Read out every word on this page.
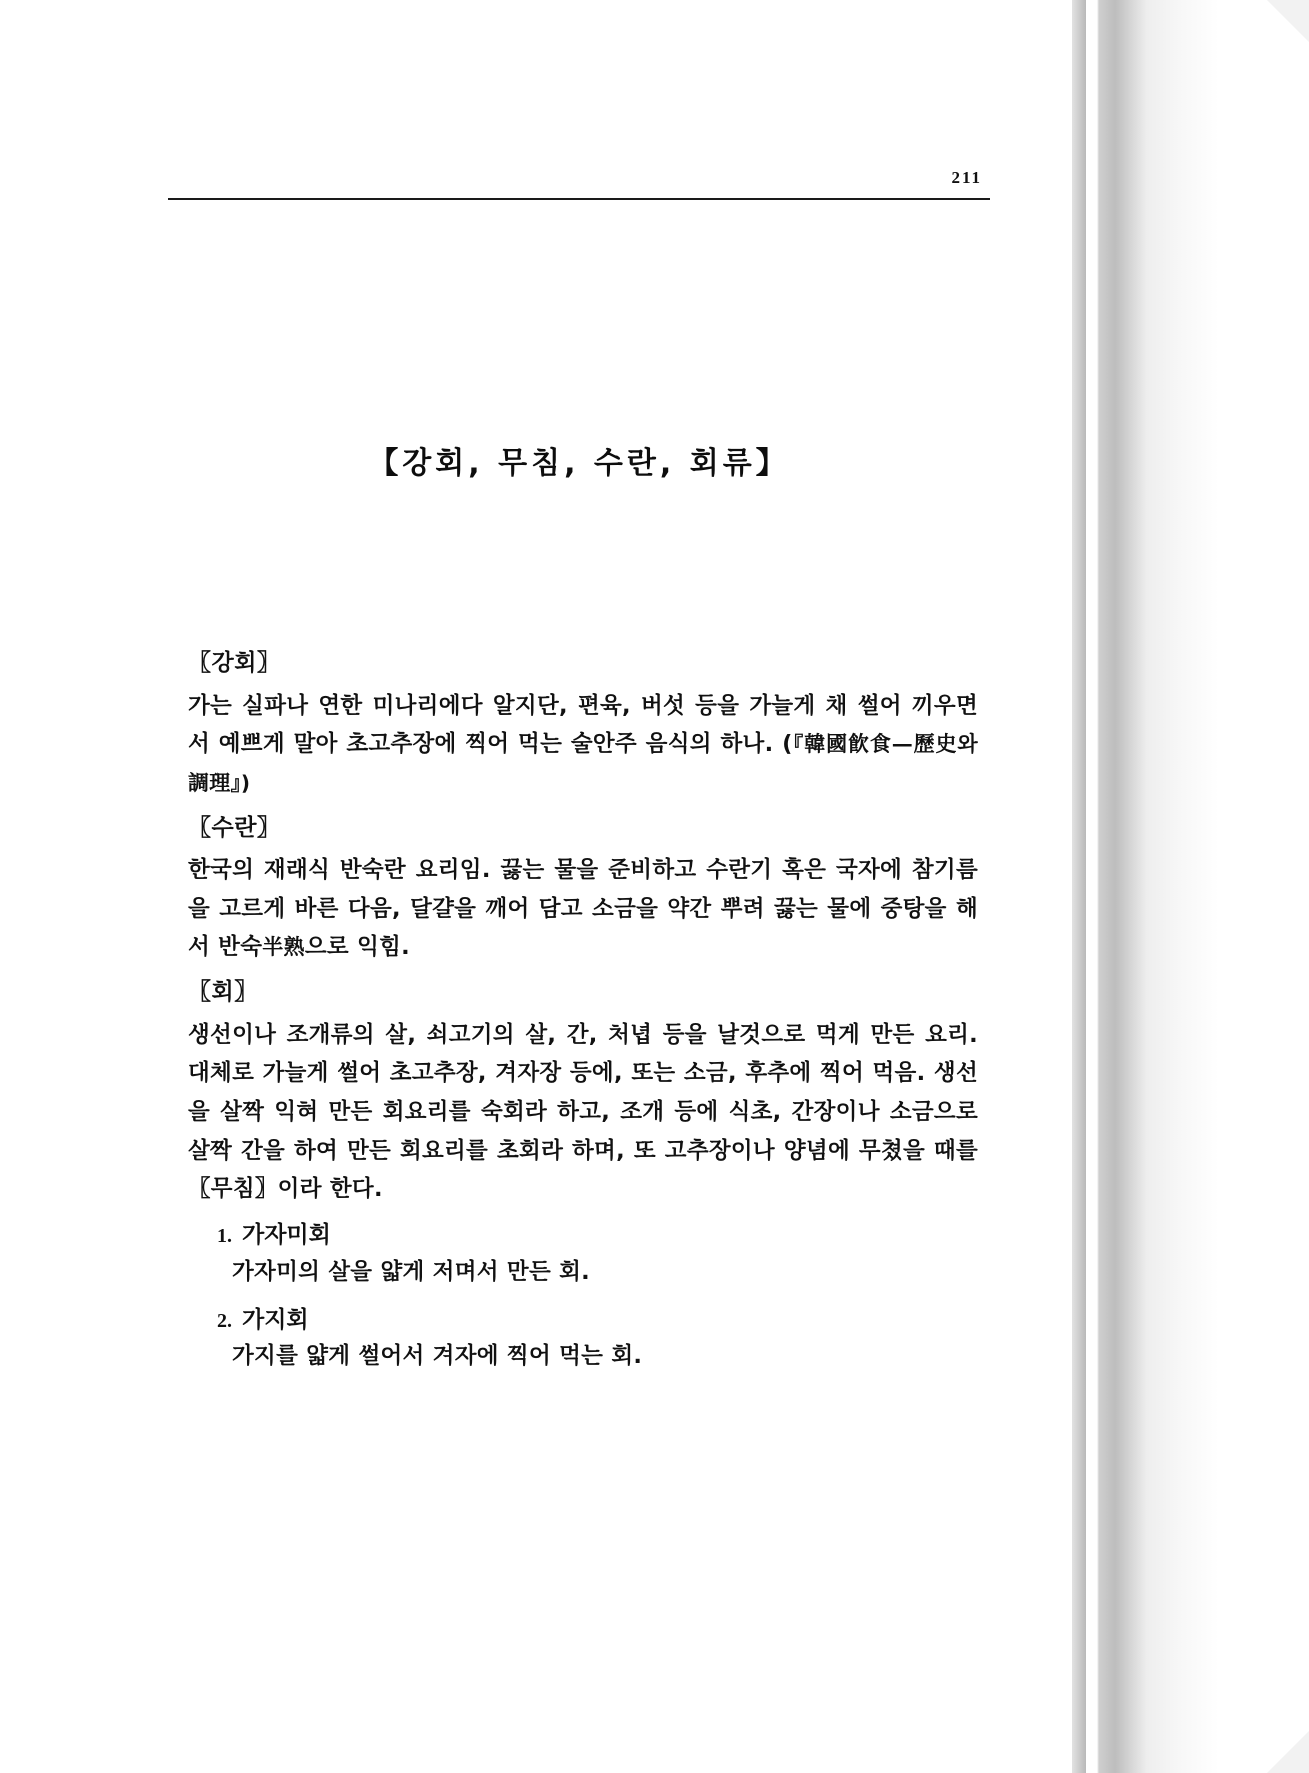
211
【강회, 무침, 수란, 회류】

〖강회〗

가는 실파나 연한 미나리에다 알지단, 편육, 버섯 등을 가늘게 채 썰어 끼우면서 예쁘게 말아 초고추장에 찍어 먹는 술안주 음식의 하나. (『韓國飮食—歷史와 調理』)

〖수란〗

한국의 재래식 반숙란 요리임. 끓는 물을 준비하고 수란기 혹은 국자에 참기름을 고르게 바른 다음, 달걀을 깨어 담고 소금을 약간 뿌려 끓는 물에 중탕을 해서 반숙半熟으로 익힘.

〖회〗

생선이나 조개류의 살, 쇠고기의 살, 간, 처녑 등을 날것으로 먹게 만든 요리. 대체로 가늘게 썰어 초고추장, 겨자장 등에, 또는 소금, 후추에 찍어 먹음. 생선을 살짝 익혀 만든 회요리를 숙회라 하고, 조개 등에 식초, 간장이나 소금으로 살짝 간을 하여 만든 회요리를 초회라 하며, 또 고추장이나 양념에 무쳤을 때를 〖무침〗이라 한다.

1. 가자미회
가자미의 살을 얇게 저며서 만든 회.
2. 가지회
가지를 얇게 썰어서 겨자에 찍어 먹는 회.
